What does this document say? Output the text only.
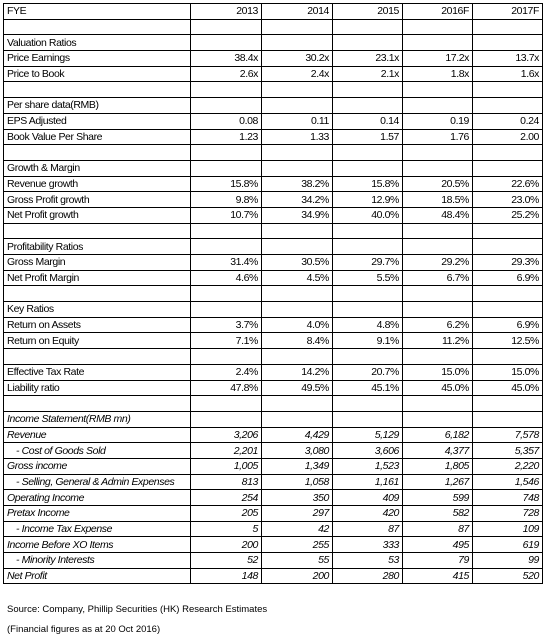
FYE	2013	2014	2015	2016F	2017F

Valuation Ratios					
Price Earnings	38.4x	30.2x	23.1x	17.2x	13.7x
Price to Book	2.6x	2.4x	2.1x	1.8x	1.6x

Per share data(RMB)					
EPS Adjusted	0.08	0.11	0.14	0.19	0.24
Book Value Per Share	1.23	1.33	1.57	1.76	2.00

Growth & Margin					
Revenue growth	15.8%	38.2%	15.8%	20.5%	22.6%
Gross Profit growth	9.8%	34.2%	12.9%	18.5%	23.0%
Net Profit growth	10.7%	34.9%	40.0%	48.4%	25.2%

Profitability Ratios					
Gross Margin	31.4%	30.5%	29.7%	29.2%	29.3%
Net Profit Margin	4.6%	4.5%	5.5%	6.7%	6.9%

Key Ratios					
Return on Assets	3.7%	4.0%	4.8%	6.2%	6.9%
Return on Equity	7.1%	8.4%	9.1%	11.2%	12.5%

Effective Tax Rate	2.4%	14.2%	20.7%	15.0%	15.0%
Liability ratio	47.8%	49.5%	45.1%	45.0%	45.0%

Income Statement(RMB mn)					
Revenue	3,206	4,429	5,129	6,182	7,578
- Cost of Goods Sold	2,201	3,080	3,606	4,377	5,357
Gross income	1,005	1,349	1,523	1,805	2,220
- Selling, General & Admin Expenses	813	1,058	1,161	1,267	1,546
Operating Income	254	350	409	599	748
Pretax Income	205	297	420	582	728
- Income Tax Expense	5	42	87	87	109
Income Before XO Items	200	255	333	495	619
- Minority Interests	52	55	53	79	99
Net Profit	148	200	280	415	520
Source: Company, Phillip Securities (HK) Research Estimates
(Financial figures as at 20 Oct 2016)
